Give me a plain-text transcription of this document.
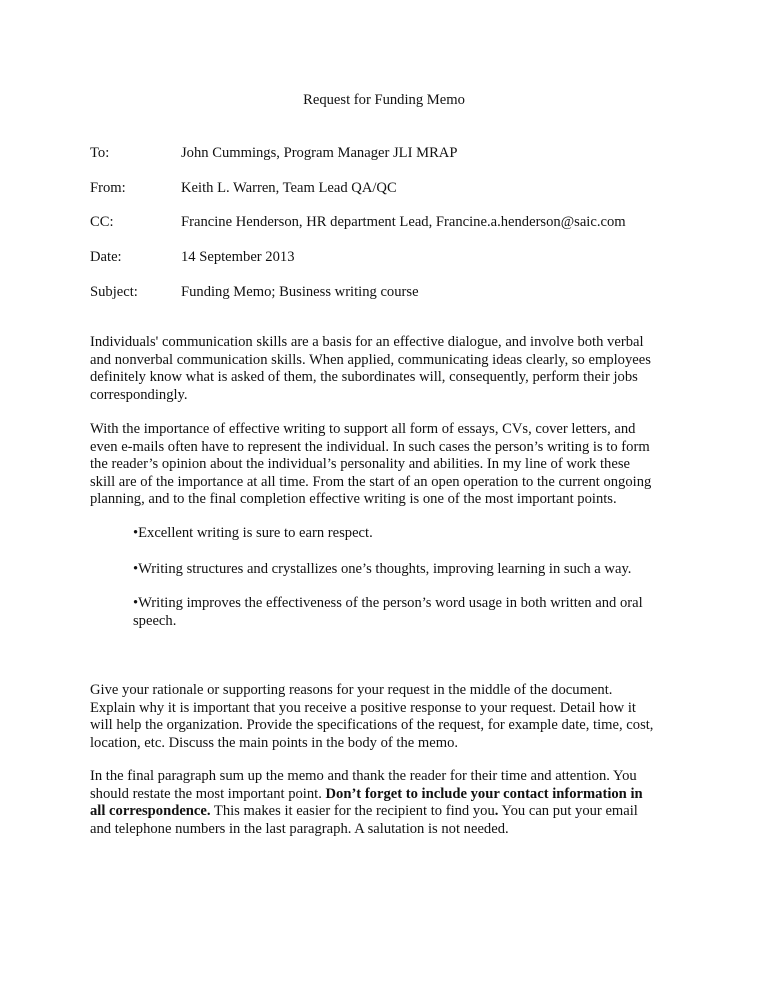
Request for Funding Memo
To:	John Cummings, Program Manager JLI MRAP
From:	Keith L. Warren, Team Lead QA/QC
CC:	Francine Henderson, HR department Lead, Francine.a.henderson@saic.com
Date:	14 September 2013
Subject:	Funding Memo; Business writing course

Individuals' communication skills are a basis for an effective dialogue, and involve both verbal
and nonverbal communication skills. When applied, communicating ideas clearly, so employees
definitely know what is asked of them, the subordinates will, consequently, perform their jobs
correspondingly.

With the importance of effective writing to support all form of essays, CVs, cover letters, and
even e-mails often have to represent the individual. In such cases the person’s writing is to form
the reader’s opinion about the individual’s personality and abilities. In my line of work these
skill are of the importance at all time. From the start of an open operation to the current ongoing
planning, and to the final completion effective writing is one of the most important points.

•Excellent writing is sure to earn respect.

•Writing structures and crystallizes one’s thoughts, improving learning in such a way.

•Writing improves the effectiveness of the person’s word usage in both written and oral
speech.

Give your rationale or supporting reasons for your request in the middle of the document.
Explain why it is important that you receive a positive response to your request. Detail how it
will help the organization. Provide the specifications of the request, for example date, time, cost,
location, etc. Discuss the main points in the body of the memo.

In the final paragraph sum up the memo and thank the reader for their time and attention. You
should restate the most important point. Don’t forget to include your contact information in
all correspondence. This makes it easier for the recipient to find you. You can put your email
and telephone numbers in the last paragraph. A salutation is not needed.
